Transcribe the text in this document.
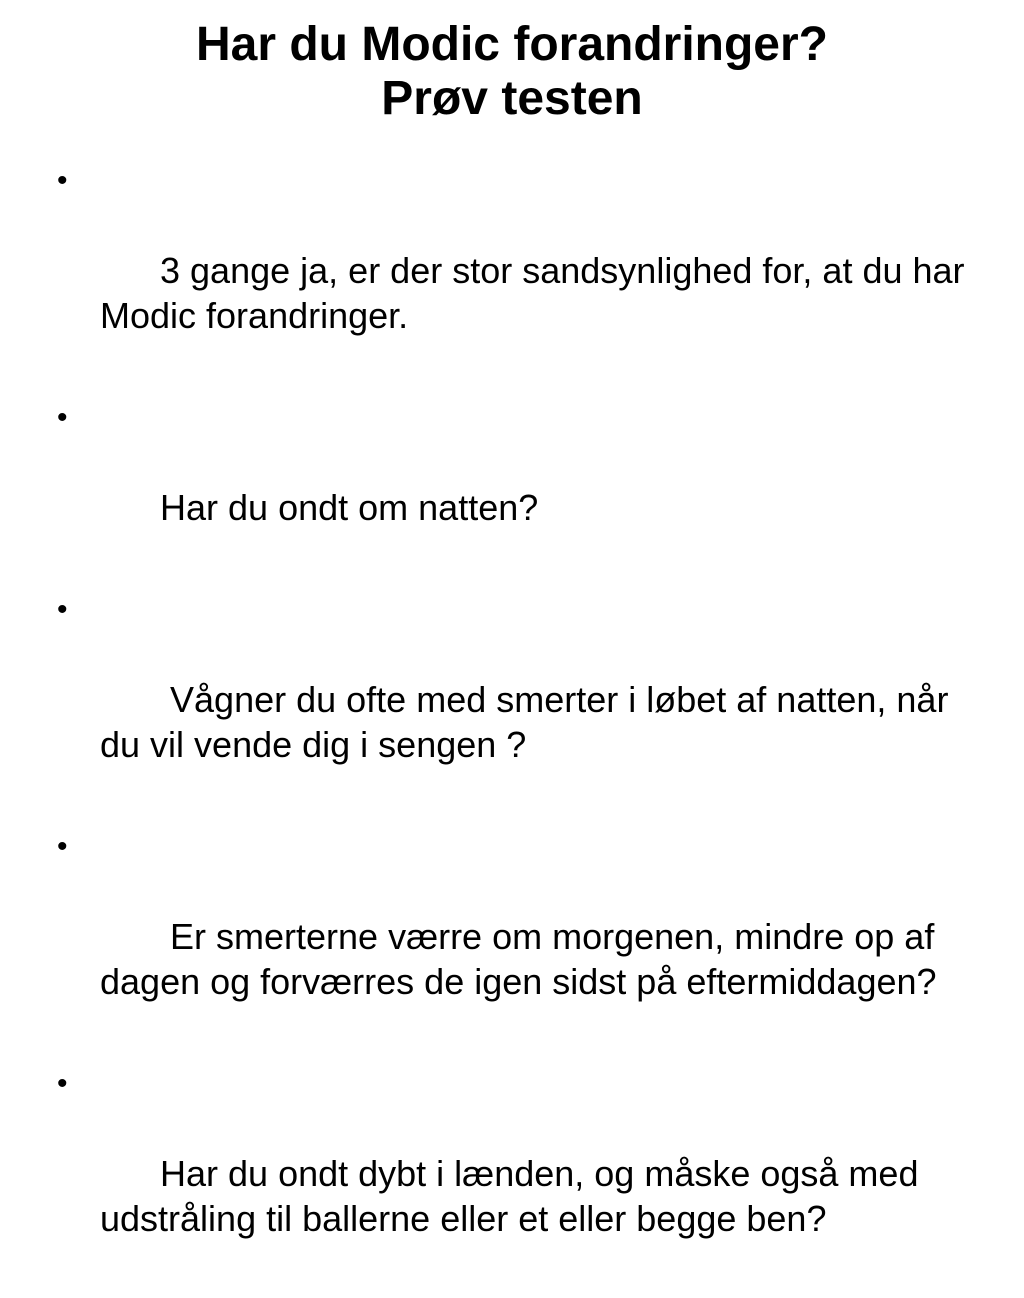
Har du Modic forandringer?
Prøv testen

•

3 gange ja, er der stor sandsynlighed for, at du har Modic forandringer.

•

Har du ondt om natten?

•

Vågner du ofte med smerter i løbet af natten, når du vil vende dig i sengen ?

•

Er smerterne værre om morgenen, mindre op af dagen og forværres de igen sidst på eftermiddagen?

•

Har du ondt dybt i lænden, og måske også med udstråling til ballerne eller et eller begge ben?
